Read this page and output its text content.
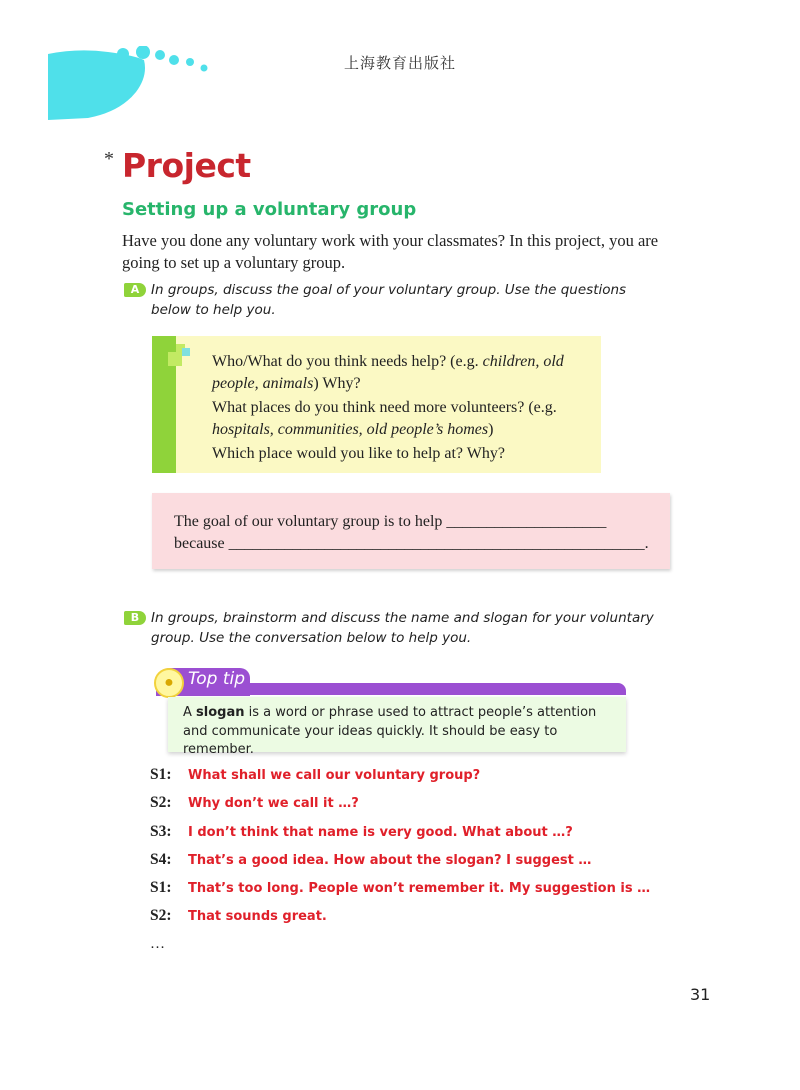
上海教育出版社
* Project
Setting up a voluntary group
Have you done any voluntary work with your classmates? In this project, you are going to set up a voluntary group.
A In groups, discuss the goal of your voluntary group. Use the questions below to help you.
Who/What do you think needs help? (e.g. children, old people, animals) Why?
What places do you think need more volunteers? (e.g. hospitals, communities, old people’s homes)
Which place would you like to help at? Why?
The goal of our voluntary group is to help ____________________
because ____________________________________________________.
B In groups, brainstorm and discuss the name and slogan for your voluntary group. Use the conversation below to help you.
● Top tip
A slogan is a word or phrase used to attract people’s attention and communicate your ideas quickly. It should be easy to remember.
S1:	What shall we call our voluntary group?
S2:	Why don’t we call it …?
S3:	I don’t think that name is very good. What about …?
S4:	That’s a good idea. How about the slogan? I suggest …
S1:	That’s too long. People won’t remember it. My suggestion is …
S2:	That sounds great.
…
31
